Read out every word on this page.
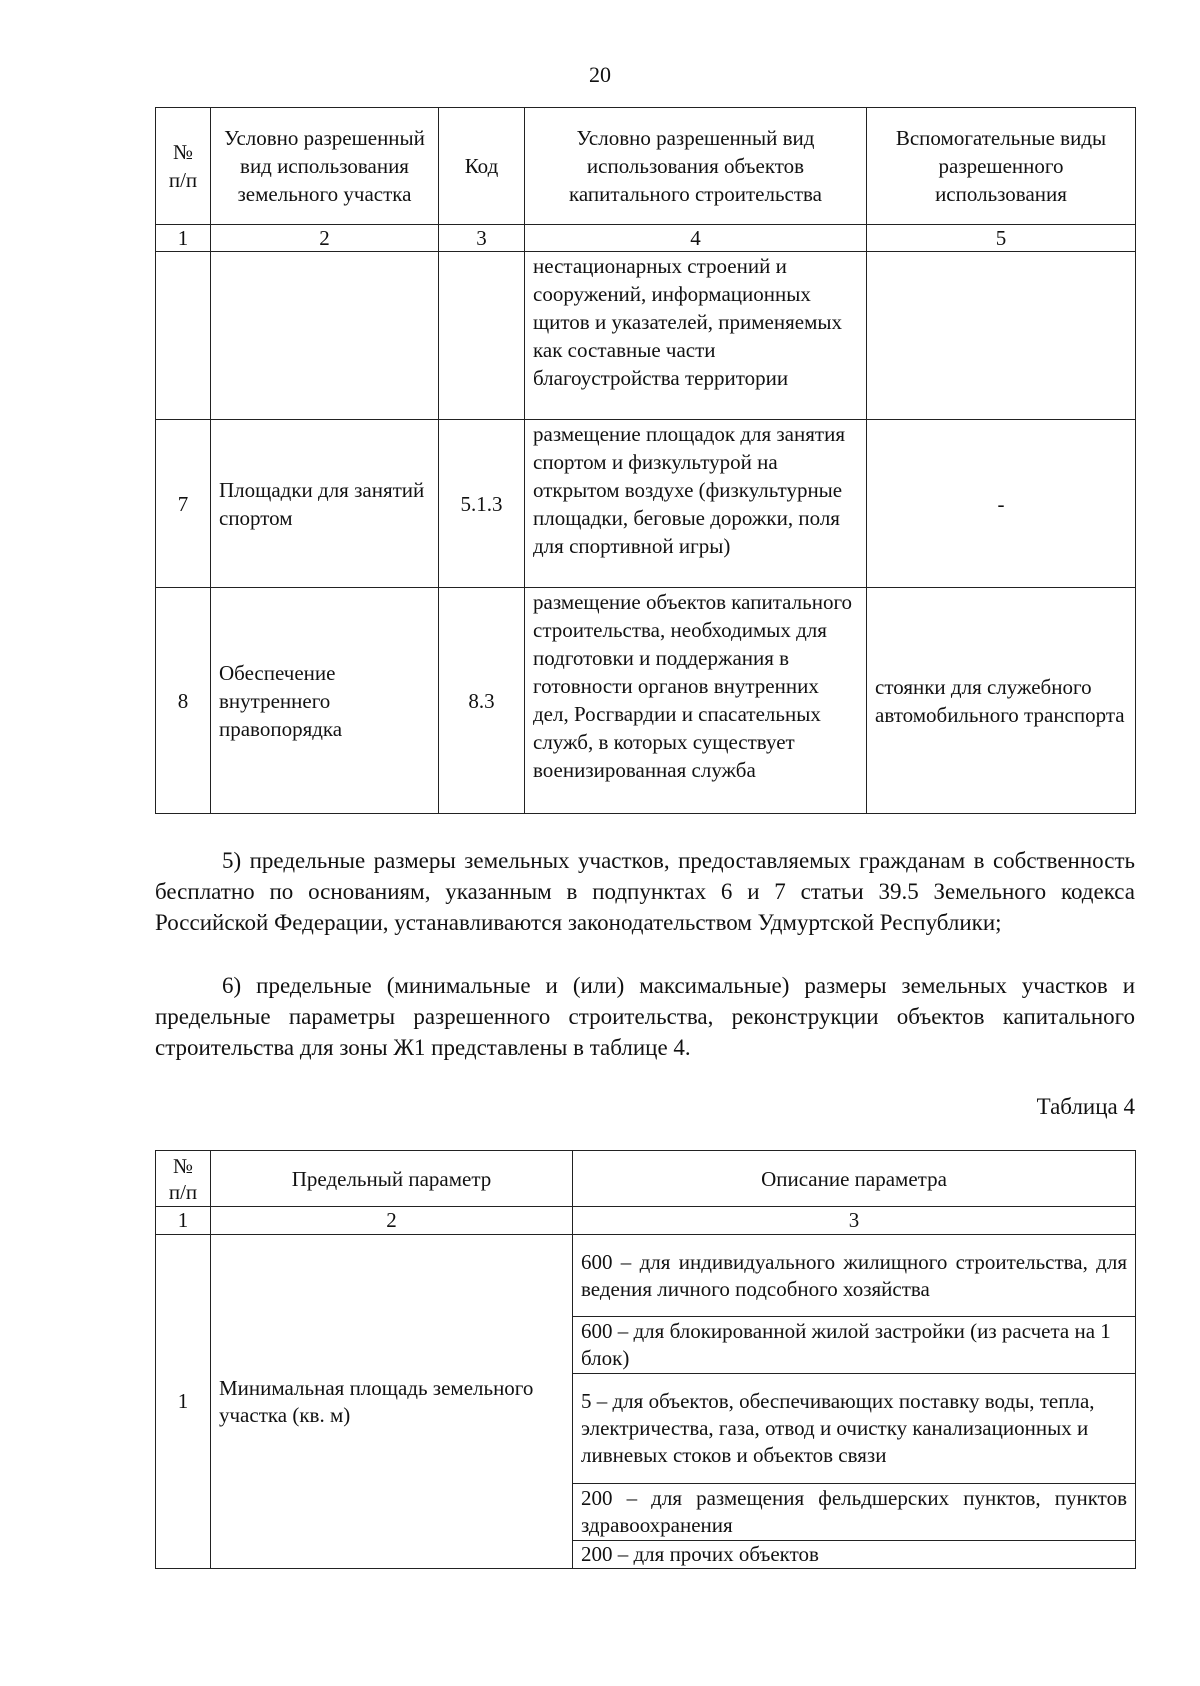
20
№ п/п	Условно разрешенный вид использования земельного участка	Код	Условно разрешенный вид использования объектов капитального строительства	Вспомогательные виды разрешенного использования
1	2	3	4	5
			нестационарных строений и сооружений, информационных щитов и указателей, применяемых как составные части благоустройства территории	
7	Площадки для занятий спортом	5.1.3	размещение площадок для занятия спортом и физкультурой на открытом воздухе (физкультурные площадки, беговые дорожки, поля для спортивной игры)	-
8	Обеспечение внутреннего правопорядка	8.3	размещение объектов капитального строительства, необходимых для подготовки и поддержания в готовности органов внутренних дел, Росгвардии и спасательных служб, в которых существует военизированная служба	стоянки для служебного автомобильного транспорта

5) предельные размеры земельных участков, предоставляемых гражданам в собственность бесплатно по основаниям, указанным в подпунктах 6 и 7 статьи 39.5 Земельного кодекса Российской Федерации, устанавливаются законодательством Удмуртской Республики;

6) предельные (минимальные и (или) максимальные) размеры земельных участков и предельные параметры разрешенного строительства, реконструкции объектов капитального строительства для зоны Ж1 представлены в таблице 4.

Таблица 4
№ п/п	Предельный параметр	Описание параметра
1	2	3
1	Минимальная площадь земельного участка (кв. м)	600 – для индивидуального жилищного строительства, для ведения личного подсобного хозяйства
		600 – для блокированной жилой застройки (из расчета на 1 блок)
		5 – для объектов, обеспечивающих поставку воды, тепла, электричества, газа, отвод и очистку канализационных и ливневых стоков и объектов связи
		200 – для размещения фельдшерских пунктов, пунктов здравоохранения
		200 – для прочих объектов
